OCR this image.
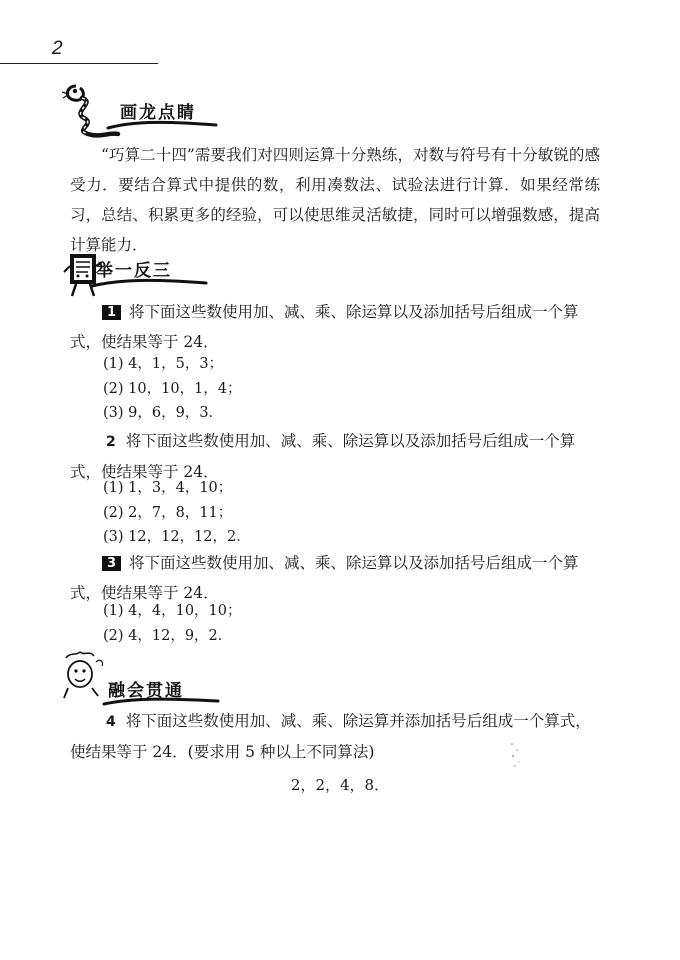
2
画龙点睛

“巧算二十四”需要我们对四则运算十分熟练，对数与符号有十分敏锐的感受力．要结合算式中提供的数，利用凑数法、试验法进行计算．如果经常练习，总结、积累更多的经验，可以使思维灵活敏捷，同时可以增强数感，提高计算能力．

举一反三

1 将下面这些数使用加、减、乘、除运算以及添加括号后组成一个算
式，使结果等于 24．

(1) 4，1，5，3；
(2) 10，10，1，4；
(3) 9，6，9，3．

2 将下面这些数使用加、减、乘、除运算以及添加括号后组成一个算
式，使结果等于 24．

(1) 1，3，4，10；
(2) 2，7，8，11；
(3) 12，12，12，2．

3 将下面这些数使用加、减、乘、除运算以及添加括号后组成一个算
式，使结果等于 24．

(1) 4，4，10，10；
(2) 4，12，9，2．
融会贯通

4 将下面这些数使用加、减、乘、除运算并添加括号后组成一个算式，
使结果等于 24．(要求用 5 种以上不同算法)

2，2，4，8．
